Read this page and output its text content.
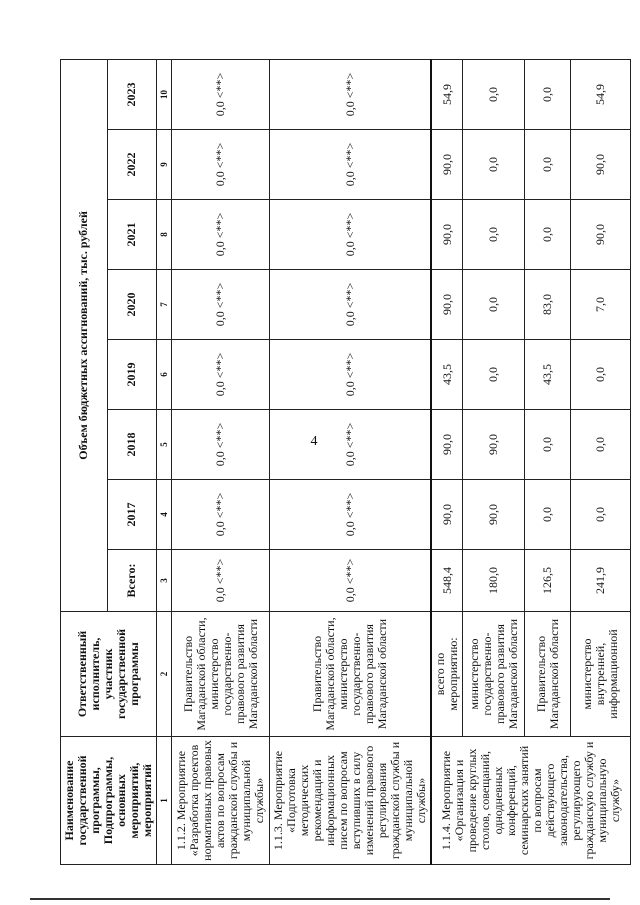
4
Наименование государственной программы, Подпрограммы, основных мероприятий, мероприятий	Ответственный исполнитель, участник государственной программы	Объем бюджетных ассигнований, тыс. рублей							
		Всего:	2017	2018	2019	2020	2021	2022	2023
1	2	3	4	5	6	7	8	9	10
1.1.2. Мероприятие «Разработка проектов нормативных правовых актов по вопросам гражданской службы и муниципальной службы»	Правительство Магаданской области, министерство государственно-правового развития Магаданской области	0,0 <**>	0,0 <**>	0,0 <**>	0,0 <**>	0,0 <**>	0,0 <**>	0,0 <**>	0,0 <**>
1.1.3. Мероприятие «Подготовка методических рекомендаций и информационных писем по вопросам вступивших в силу изменений правового регулирования гражданской службы и муниципальной службы»	Правительство Магаданской области, министерство государственно-правового развития Магаданской области	0,0 <**>	0,0 <**>	0,0 <**>	0,0 <**>	0,0 <**>	0,0 <**>	0,0 <**>	0,0 <**>
1.1.4. Мероприятие «Организация и проведение круглых столов, совещаний, однодневных конференций, семинарских занятий по вопросам действующего законодательства, регулирующего гражданскую службу и муниципальную службу»	всего по мероприятию:	548,4	90,0	90,0	43,5	90,0	90,0	90,0	54,9
	министерство государственно-правового развития Магаданской области	180,0	90,0	90,0	0,0	0,0	0,0	0,0	0,0
	Правительство Магаданской области	126,5	0,0	0,0	43,5	83,0	0,0	0,0	0,0
	министерство внутренней, информационной	241,9	0,0	0,0	0,0	7,0	90,0	90,0	54,9
